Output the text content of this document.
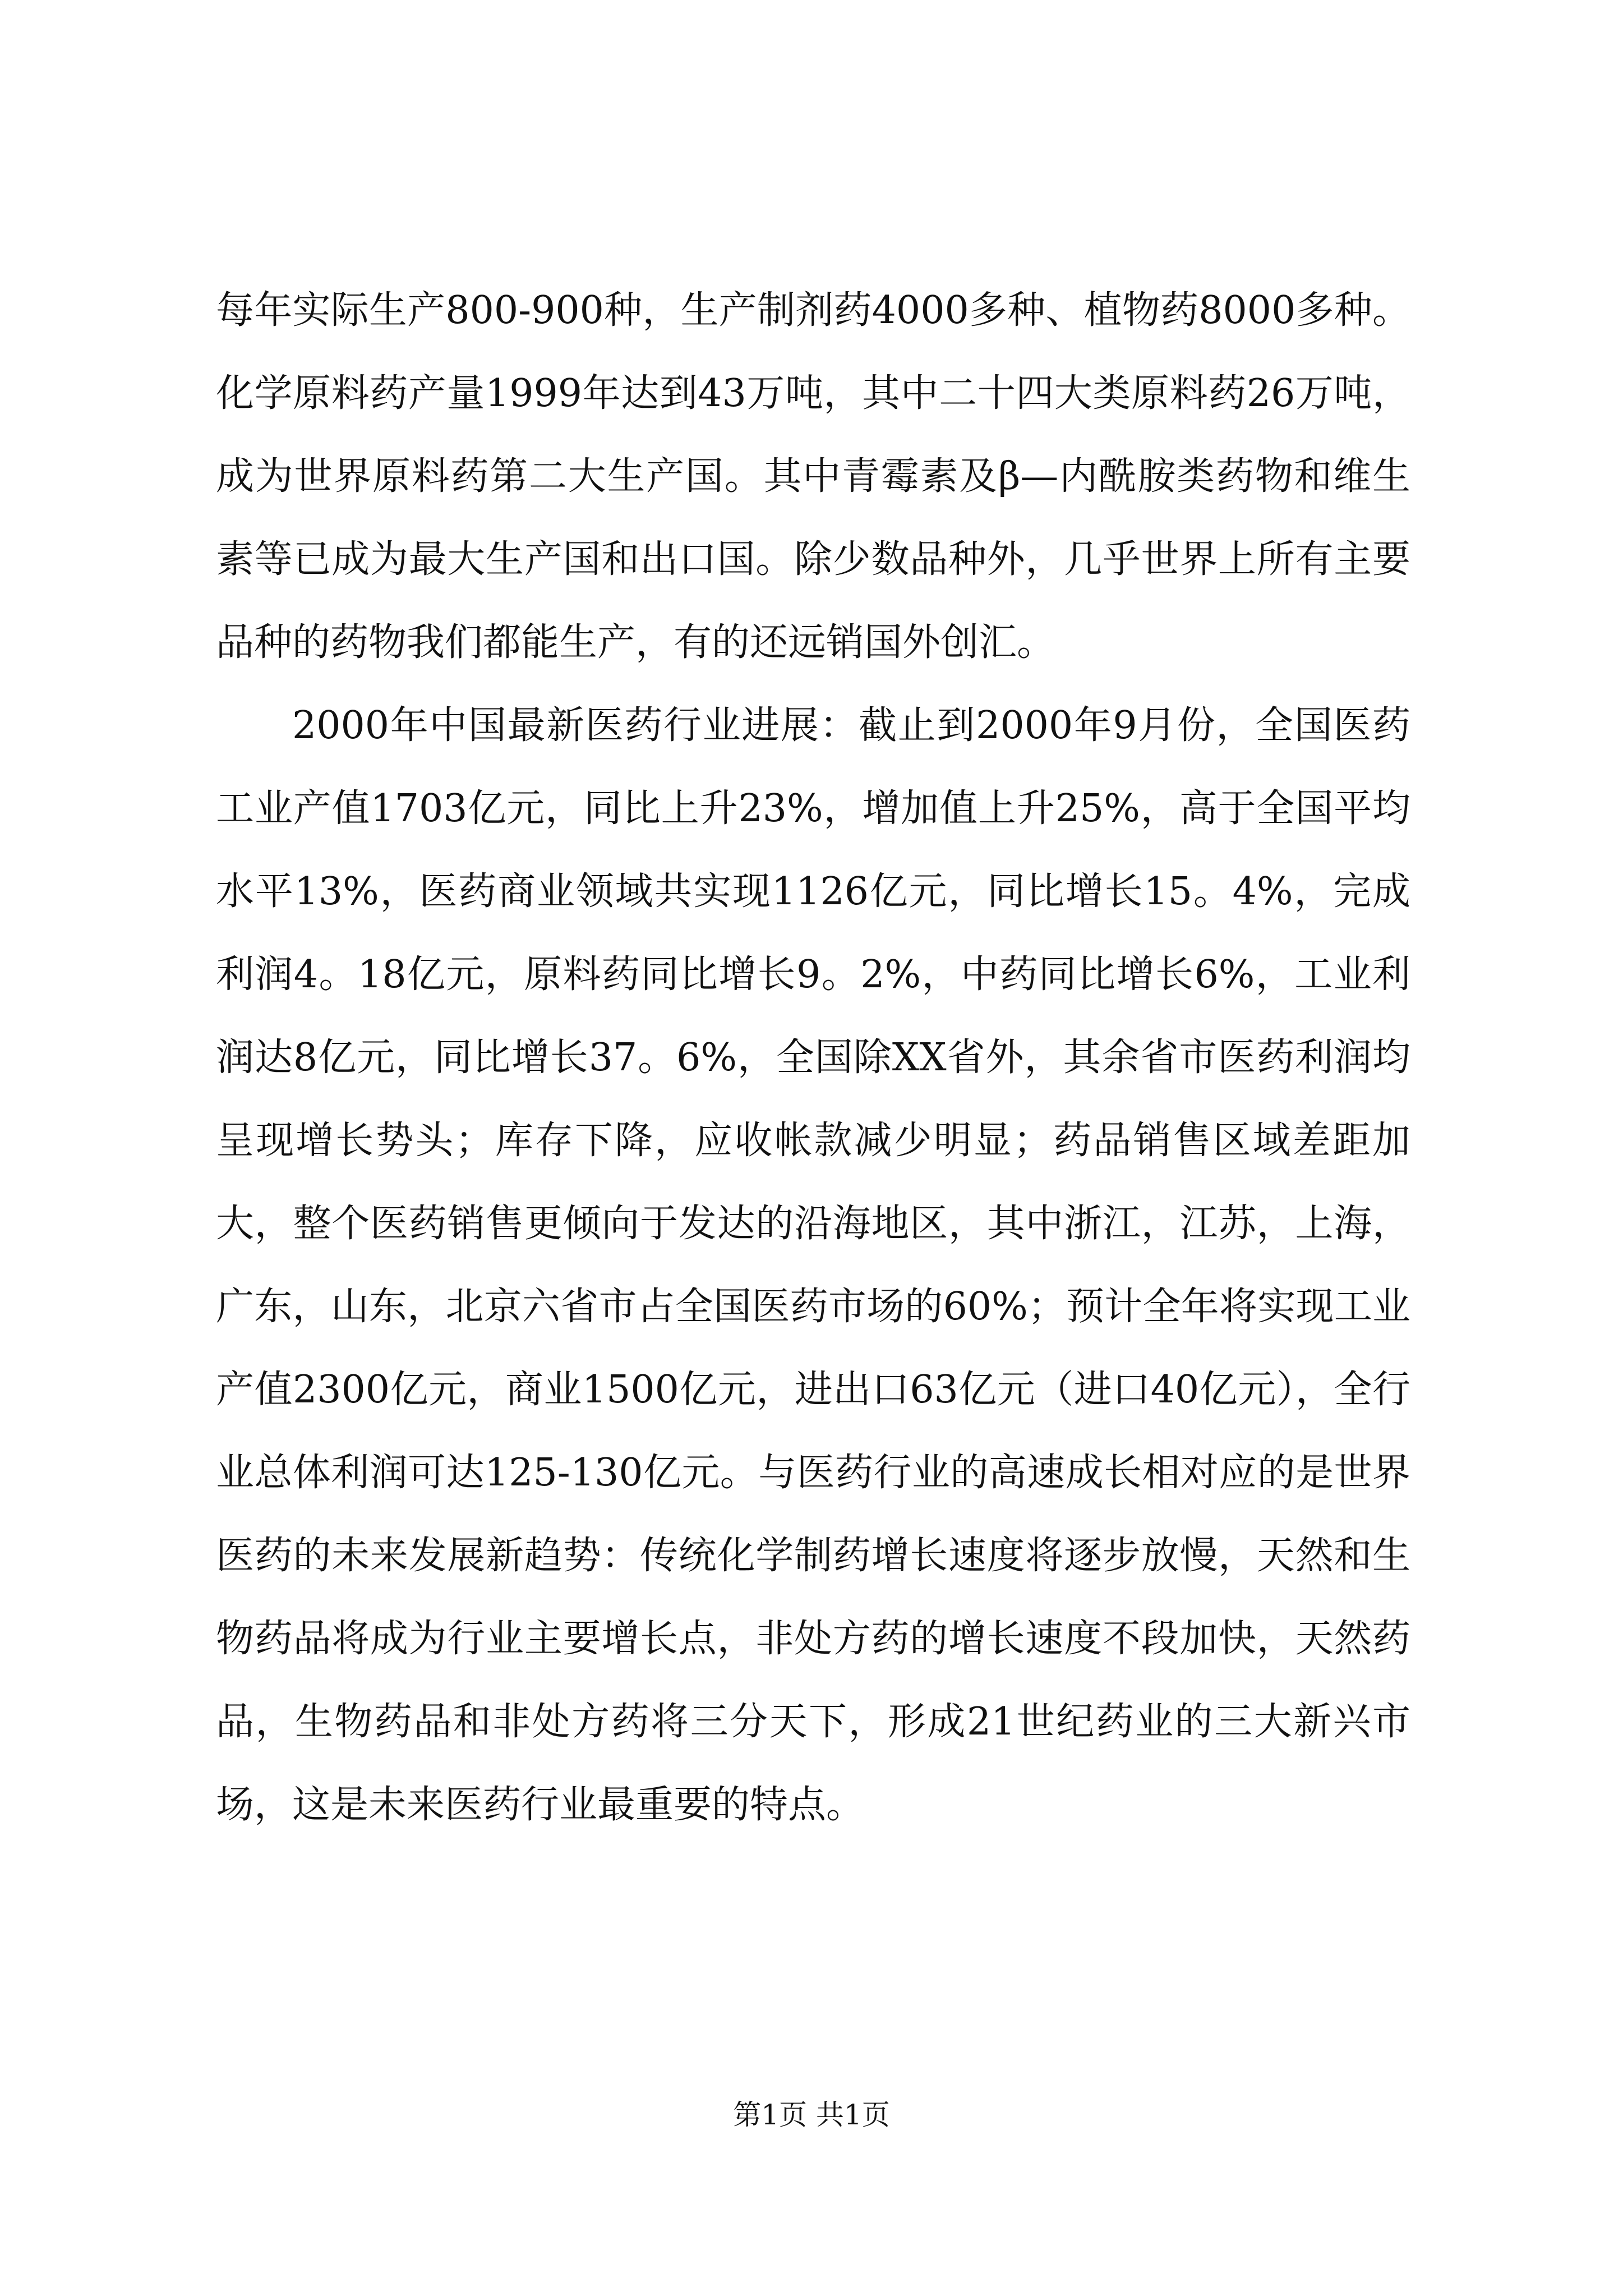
每年实际生产800-900种，生产制剂药4000多种、植物药8000多种。化学原料药产量1999年达到43万吨，其中二十四大类原料药26万吨，成为世界原料药第二大生产国。其中青霉素及β—内酰胺类药物和维生素等已成为最大生产国和出口国。除少数品种外，几乎世界上所有主要品种的药物我们都能生产，有的还远销国外创汇。

2000年中国最新医药行业进展：截止到2000年9月份，全国医药工业产值1703亿元，同比上升23%，增加值上升25%，高于全国平均水平13%，医药商业领域共实现1126亿元，同比增长15。4%，完成利润4。18亿元，原料药同比增长9。2%，中药同比增长6%，工业利润达8亿元，同比增长37。6%，全国除XX省外，其余省市医药利润均呈现增长势头；库存下降，应收帐款减少明显；药品销售区域差距加大，整个医药销售更倾向于发达的沿海地区，其中浙江，江苏，上海，广东，山东，北京六省市占全国医药市场的60%；预计全年将实现工业产值2300亿元，商业1500亿元，进出口63亿元（进口40亿元），全行业总体利润可达125-130亿元。与医药行业的高速成长相对应的是世界医药的未来发展新趋势：传统化学制药增长速度将逐步放慢，天然和生物药品将成为行业主要增长点，非处方药的增长速度不段加快，天然药品，生物药品和非处方药将三分天下，形成21世纪药业的三大新兴市场，这是未来医药行业最重要的特点。

第1页 共1页
